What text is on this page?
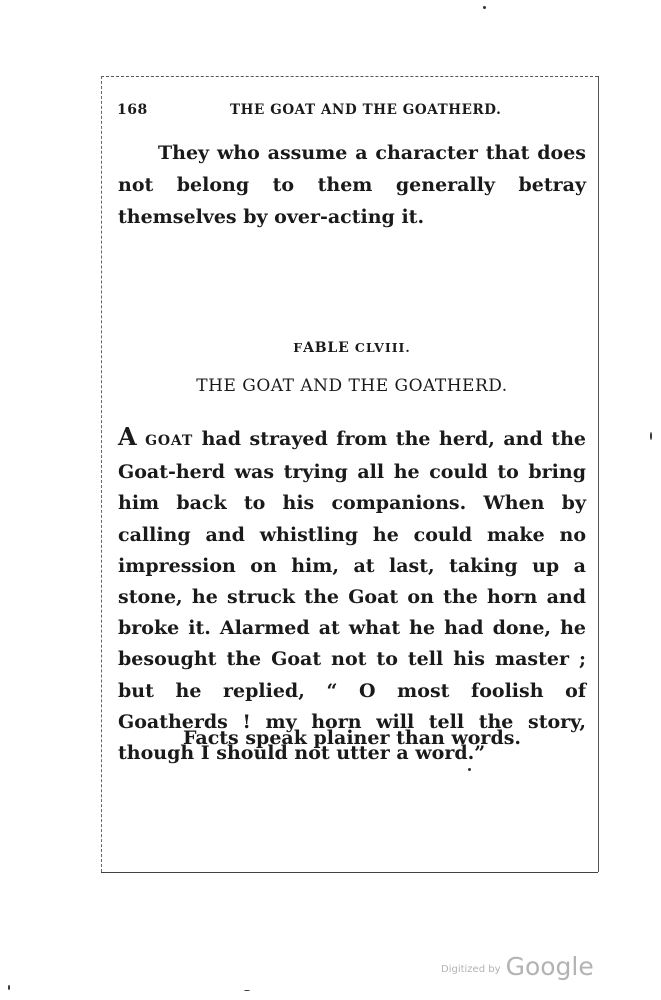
168	THE GOAT AND THE GOATHERD.
They who assume a character that does not belong to them generally betray themselves by over-acting it.
FABLE CLVIII.
THE GOAT AND THE GOATHERD.

A GOAT had strayed from the herd, and the Goat-herd was trying all he could to bring him back to his companions. When by calling and whistling he could make no impression on him, at last, taking up a stone, he struck the Goat on the horn and broke it. Alarmed at what he had done, he besought the Goat not to tell his master ; but he replied, “ O most foolish of Goatherds ! my horn will tell the story, though I should not utter a word.”

Facts speak plainer than words.
Digitized by Google
